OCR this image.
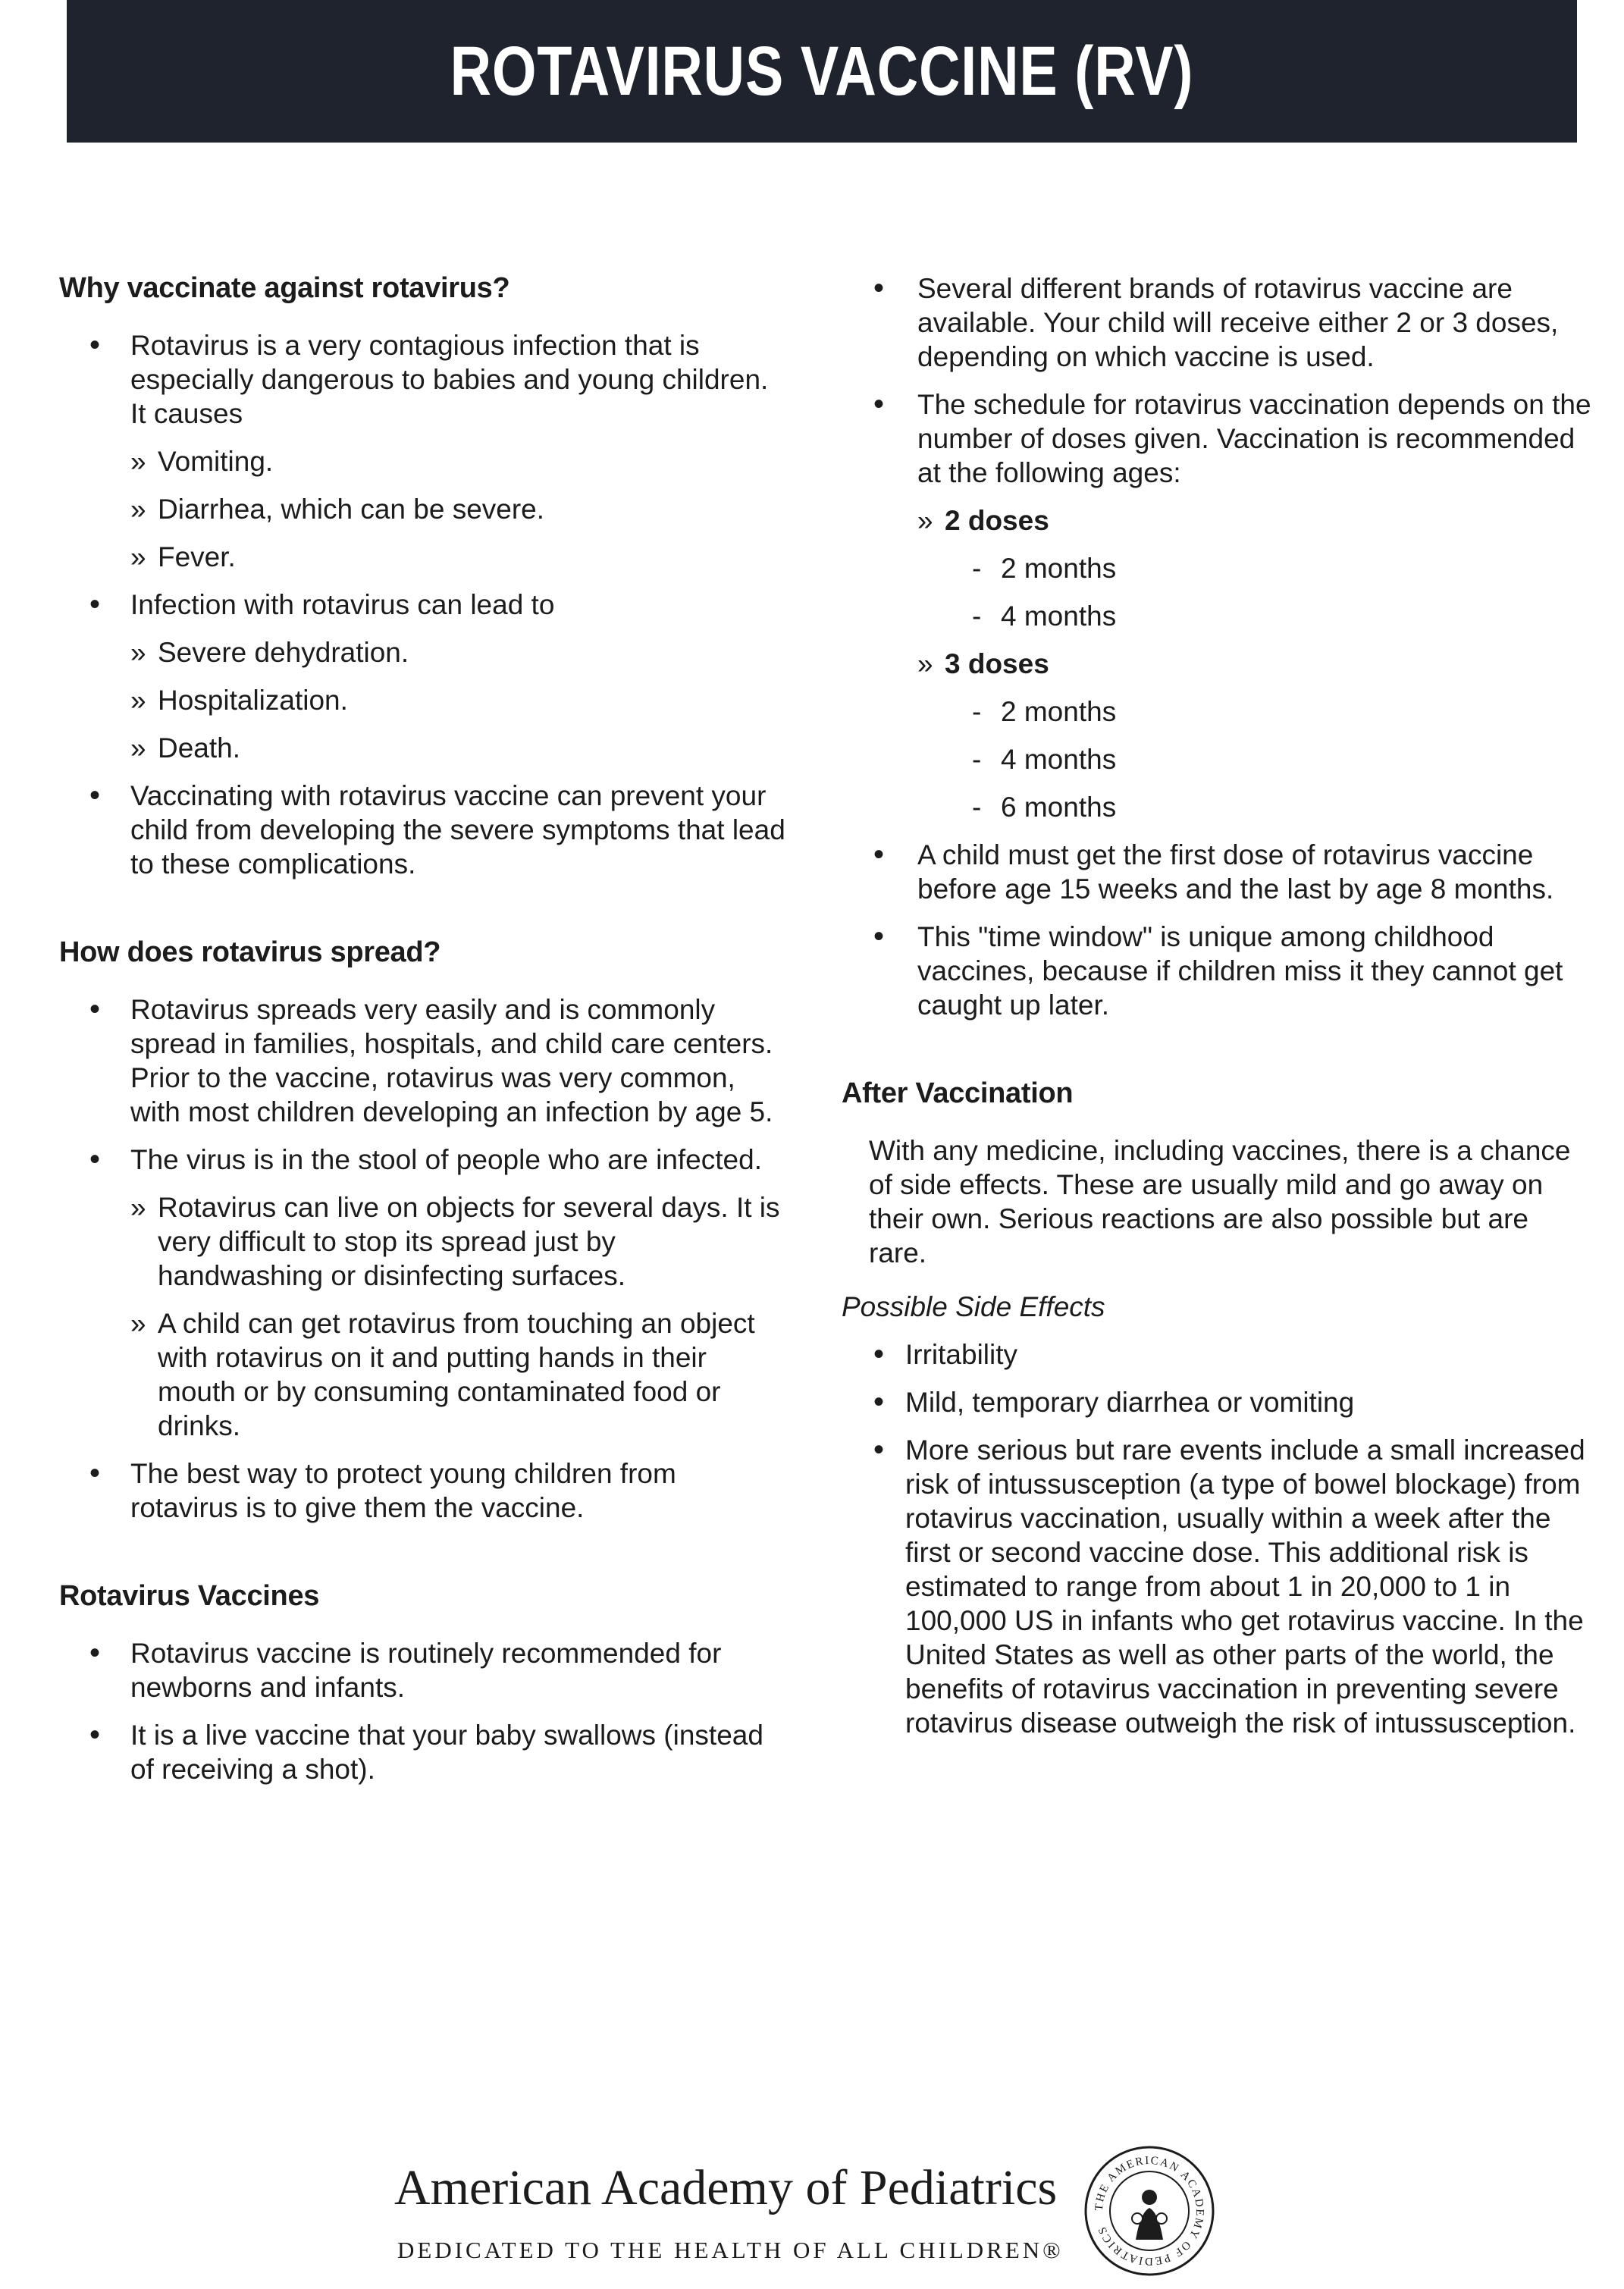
ROTAVIRUS VACCINE (RV)
Why vaccinate against rotavirus?
• Rotavirus is a very contagious infection that is especially dangerous to babies and young children. It causes
» Vomiting.
» Diarrhea, which can be severe.
» Fever.
• Infection with rotavirus can lead to
» Severe dehydration.
» Hospitalization.
» Death.
• Vaccinating with rotavirus vaccine can prevent your child from developing the severe symptoms that lead to these complications.
How does rotavirus spread?
• Rotavirus spreads very easily and is commonly spread in families, hospitals, and child care centers. Prior to the vaccine, rotavirus was very common, with most children developing an infection by age 5.
• The virus is in the stool of people who are infected.
» Rotavirus can live on objects for several days. It is very difficult to stop its spread just by handwashing or disinfecting surfaces.
» A child can get rotavirus from touching an object with rotavirus on it and putting hands in their mouth or by consuming contaminated food or drinks.
• The best way to protect young children from rotavirus is to give them the vaccine.
Rotavirus Vaccines
• Rotavirus vaccine is routinely recommended for newborns and infants.
• It is a live vaccine that your baby swallows (instead of receiving a shot).
• Several different brands of rotavirus vaccine are available. Your child will receive either 2 or 3 doses, depending on which vaccine is used.
• The schedule for rotavirus vaccination depends on the number of doses given. Vaccination is recommended at the following ages:
» 2 doses
- 2 months
- 4 months
» 3 doses
- 2 months
- 4 months
- 6 months
• A child must get the first dose of rotavirus vaccine before age 15 weeks and the last by age 8 months.
• This "time window" is unique among childhood vaccines, because if children miss it they cannot get caught up later.
After Vaccination

With any medicine, including vaccines, there is a chance of side effects. These are usually mild and go away on their own. Serious reactions are also possible but are rare.

Possible Side Effects
• Irritability
• Mild, temporary diarrhea or vomiting
• More serious but rare events include a small increased risk of intussusception (a type of bowel blockage) from rotavirus vaccination, usually within a week after the first or second vaccine dose. This additional risk is estimated to range from about 1 in 20,000 to 1 in 100,000 US in infants who get rotavirus vaccine. In the United States as well as other parts of the world, the benefits of rotavirus vaccination in preventing severe rotavirus disease outweigh the risk of intussusception.
American Academy of Pediatrics
DEDICATED TO THE HEALTH OF ALL CHILDREN®
THE AMERICAN ACADEMY OF PEDIATRICS
